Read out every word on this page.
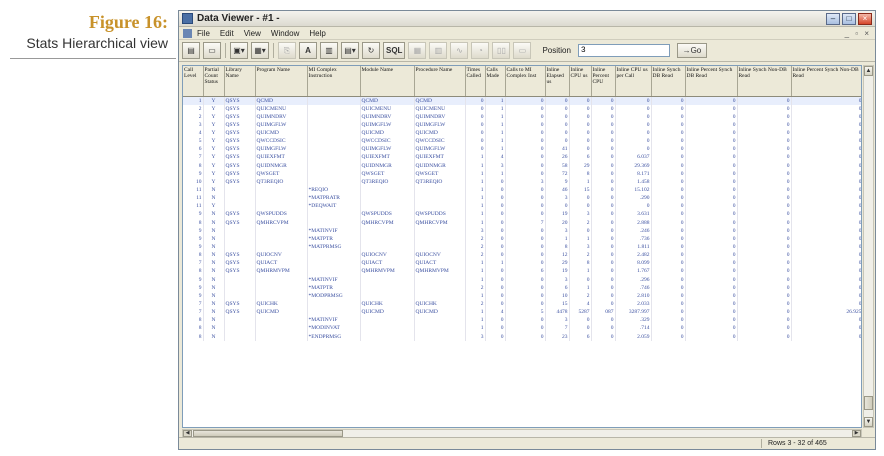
Figure 16:
Stats Hierarchical view
Data Viewer - #1 -	–	□	×
File Edit View Window Help	_ ▫ ×
▤	▭	▣▾	▦▾	⎘	A	▥	▤▾	↻	SQL	▦	▥	∿	◔	▯▯	▭	Position	3	→Go
Call Level	Partial Count Status	Library Name	Program Name	MI Complex Instruction	Module Name	Procedure Name	Times Called	Calls Made	Calls to MI Complex Inst	Inline Elapsed us	Inline CPU us	Inline Percent CPU	Inline CPU us per Call	Inline Synch DB Read	Inline Percent Synch DB Read	Inline Synch Non-DB Read	Inline Percent Synch Non-DB Read
1	Y	QSYS	QCMD		QCMD	QCMD	0	1	0	0	0	0	0	0	0	0	0
2	Y	QSYS	QUICMENU		QUICMENU	QUICMENU	0	1	0	0	0	0	0	0	0	0	0
2	Y	QSYS	QUIMNDRV		QUIMNDRV	QUIMNDRV	0	1	0	0	0	0	0	0	0	0	0
3	Y	QSYS	QUIMGFLW		QUIMGFLW	QUIMGFLW	0	1	0	0	0	0	0	0	0	0	0
4	Y	QSYS	QUICMD		QUICMD	QUICMD	0	1	0	0	0	0	0	0	0	0	0
5	Y	QSYS	QWCCDSIC		QWCCDSIC	QWCCDSIC	0	1	0	0	0	0	0	0	0	0	0
6	Y	QSYS	QUIMGFLW		QUIMGFLW	QUIMGFLW	0	1	0	41	0	0	0	0	0	0	0
7	Y	QSYS	QUIEXFMT		QUIEXFMT	QUIEXFMT	1	4	0	26	6	0	6.037	0	0	0	0
8	Y	QSYS	QUIDNMGR		QUIDNMGR	QUIDNMGR	1	3	0	58	29	0	29.369	0	0	0	0
9	Y	QSYS	QWSGET		QWSGET	QWSGET	1	1	0	72	8	0	8.171	0	0	0	0
10	Y	QSYS	QT3REQIO		QT3REQIO	QT3REQIO	1	0	3	9	1	0	1.458	0	0	0	0
11	N			*REQIO			1	0	0	46	15	0	15.102	0	0	0	0
11	N			*MATPRATR			1	0	0	3	0	0	.290	0	0	0	0
11	Y			*DEQWAIT			1	0	0	0	0	0	0	0	0	0	0
9	N	QSYS	QWSPUDDS		QWSPUDDS	QWSPUDDS	1	0	0	19	3	0	3.631	0	0	0	0
8	N	QSYS	QMHRCVPM		QMHRCVPM	QMHRCVPM	1	0	7	20	2	0	2.888	0	0	0	0
9	N			*MATINVIF			3	0	0	3	0	0	.246	0	0	0	0
9	N			*MATPTR			2	0	0	1	1	0	.736	0	0	0	0
9	N			*MATPRMSG			2	0	0	8	3	0	1.811	0	0	0	0
8	N	QSYS	QUIOCNV		QUIOCNV	QUIOCNV	2	0	0	12	2	0	2.482	0	0	0	0
7	N	QSYS	QUIACT		QUIACT	QUIACT	1	1	0	29	8	0	8.099	0	0	0	0
8	N	QSYS	QMHRMVPM		QMHRMVPM	QMHRMVPM	1	0	6	19	1	0	1.767	0	0	0	0
9	N			*MATINVIF			1	0	0	3	0	0	.296	0	0	0	0
9	N			*MATPTR			2	0	0	6	1	0	.746	0	0	0	0
9	N			*MODPRMSG			1	0	0	10	2	0	2.810	0	0	0	0
7	N	QSYS	QUICHK		QUICHK	QUICHK	2	0	0	15	4	0	2.033	0	0	0	0
7	N	QSYS	QUICMD		QUICMD	QUICMD	1	4	5	4478	5287	087	3287.997	0	0	0	26.925
8	N			*MATINVIF			1	0	0	3	0	0	.329	0	0	0	0
8	N			*MODINVAT			1	0	0	7	0	0	.714	0	0	0	0
8	N			*ENDPRMSG			3	0	0	23	6	0	2.059	0	0	0	0
▲
▼
◀	▶
Rows 3 - 32 of 465
